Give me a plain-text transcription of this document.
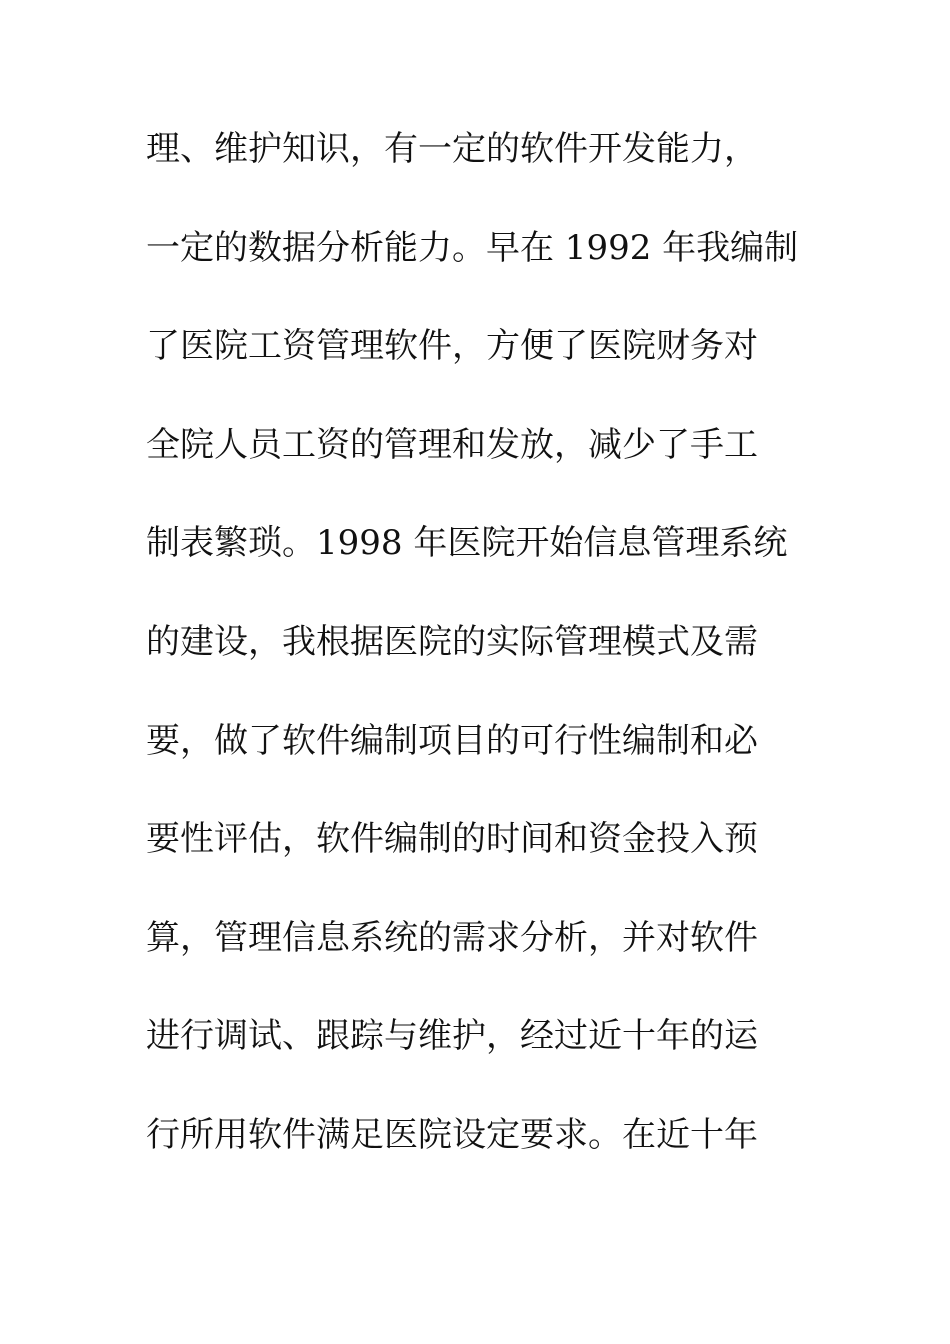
理、维护知识，有一定的软件开发能力，
一定的数据分析能力。早在 1992 年我编制
了医院工资管理软件，方便了医院财务对
全院人员工资的管理和发放，减少了手工
制表繁琐。1998 年医院开始信息管理系统
的建设，我根据医院的实际管理模式及需
要，做了软件编制项目的可行性编制和必
要性评估，软件编制的时间和资金投入预
算，管理信息系统的需求分析，并对软件
进行调试、跟踪与维护，经过近十年的运
行所用软件满足医院设定要求。在近十年
